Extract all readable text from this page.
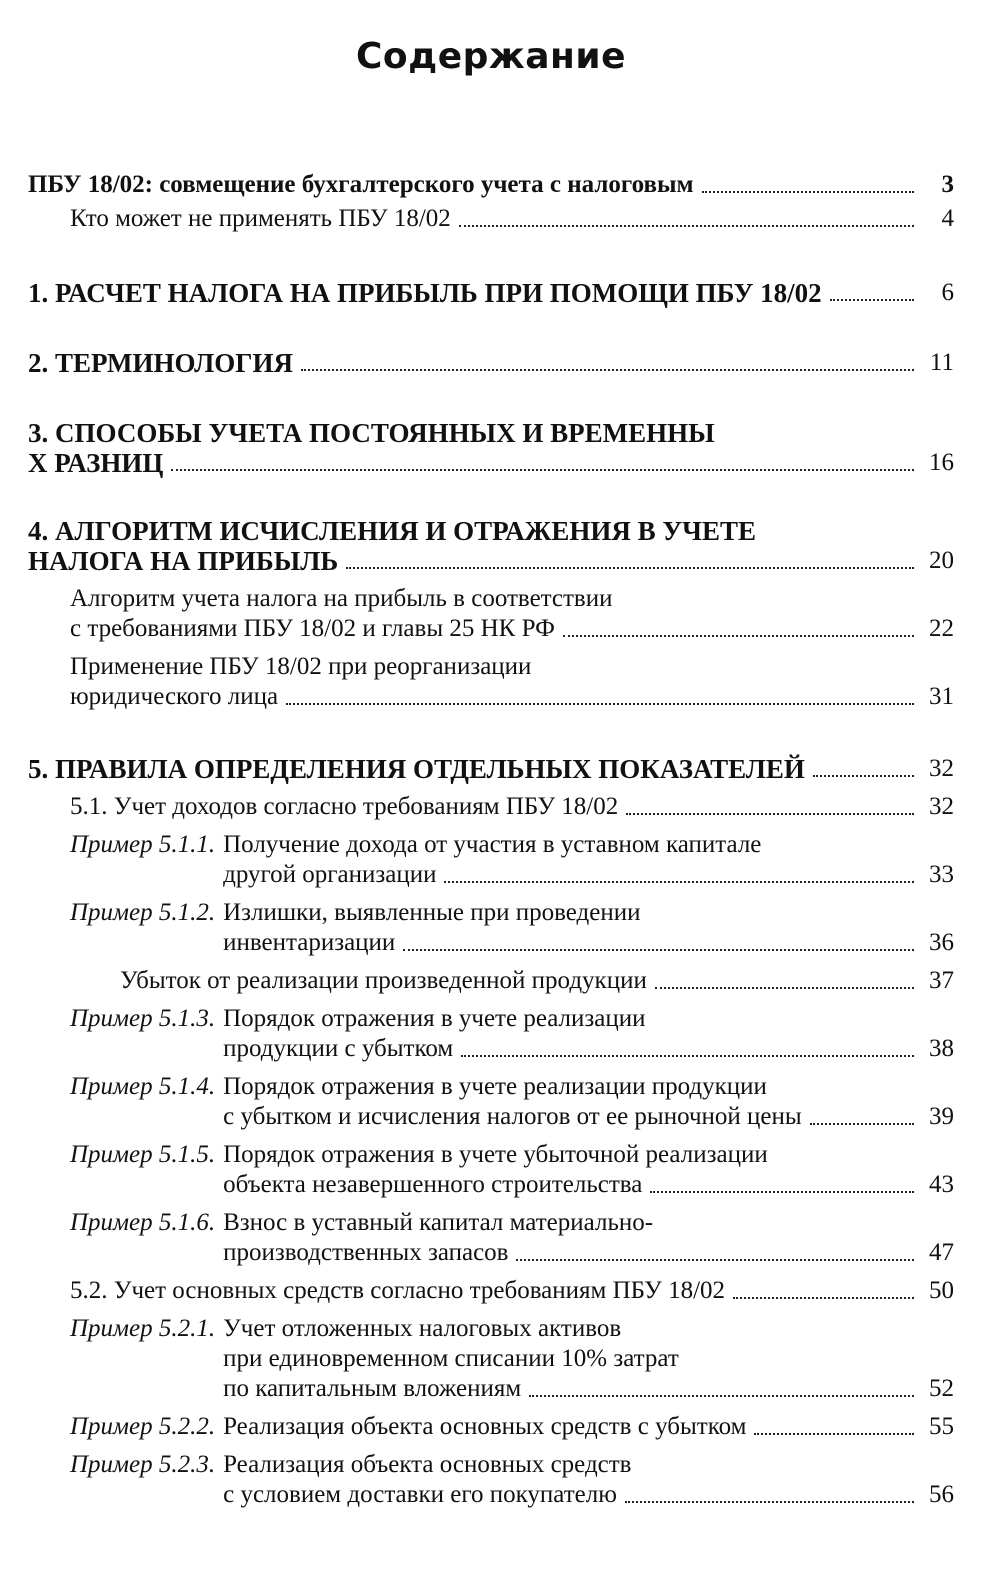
Содержание
ПБУ 18/02: совмещение бухгалтерского учета с налоговым	3
Кто может не применять ПБУ 18/02	4
1. РАСЧЕТ НАЛОГА НА ПРИБЫЛЬ ПРИ ПОМОЩИ ПБУ 18/02	6
2. ТЕРМИНОЛОГИЯ	11
3. СПОСОБЫ УЧЕТА ПОСТОЯННЫХ И ВРЕМЕННЫ
Х РАЗНИЦ	16
4. АЛГОРИТМ ИСЧИСЛЕНИЯ И ОТРАЖЕНИЯ В УЧЕТЕ
НАЛОГА НА ПРИБЫЛЬ	20
Алгоритм учета налога на прибыль в соответствии
с требованиями ПБУ 18/02 и главы 25 НК РФ	22
Применение ПБУ 18/02 при реорганизации
юридического лица	31
5. ПРАВИЛА ОПРЕДЕЛЕНИЯ ОТДЕЛЬНЫХ ПОКАЗАТЕЛЕЙ	32
5.1. Учет доходов согласно требованиям ПБУ 18/02	32
Пример 5.1.1. Получение дохода от участия в уставном капитале
другой организации	33
Пример 5.1.2. Излишки, выявленные при проведении
инвентаризации	36
Убыток от реализации произведенной продукции	37
Пример 5.1.3. Порядок отражения в учете реализации
продукции с убытком	38
Пример 5.1.4. Порядок отражения в учете реализации продукции
с убытком и исчисления налогов от ее рыночной цены	39
Пример 5.1.5. Порядок отражения в учете убыточной реализации
объекта незавершенного строительства	43
Пример 5.1.6. Взнос в уставный капитал материально-
производственных запасов	47
5.2. Учет основных средств согласно требованиям ПБУ 18/02	50
Пример 5.2.1. Учет отложенных налоговых активов
при единовременном списании 10% затрат
по капитальным вложениям	52
Пример 5.2.2. Реализация объекта основных средств с убытком	55
Пример 5.2.3. Реализация объекта основных средств
с условием доставки его покупателю	56
